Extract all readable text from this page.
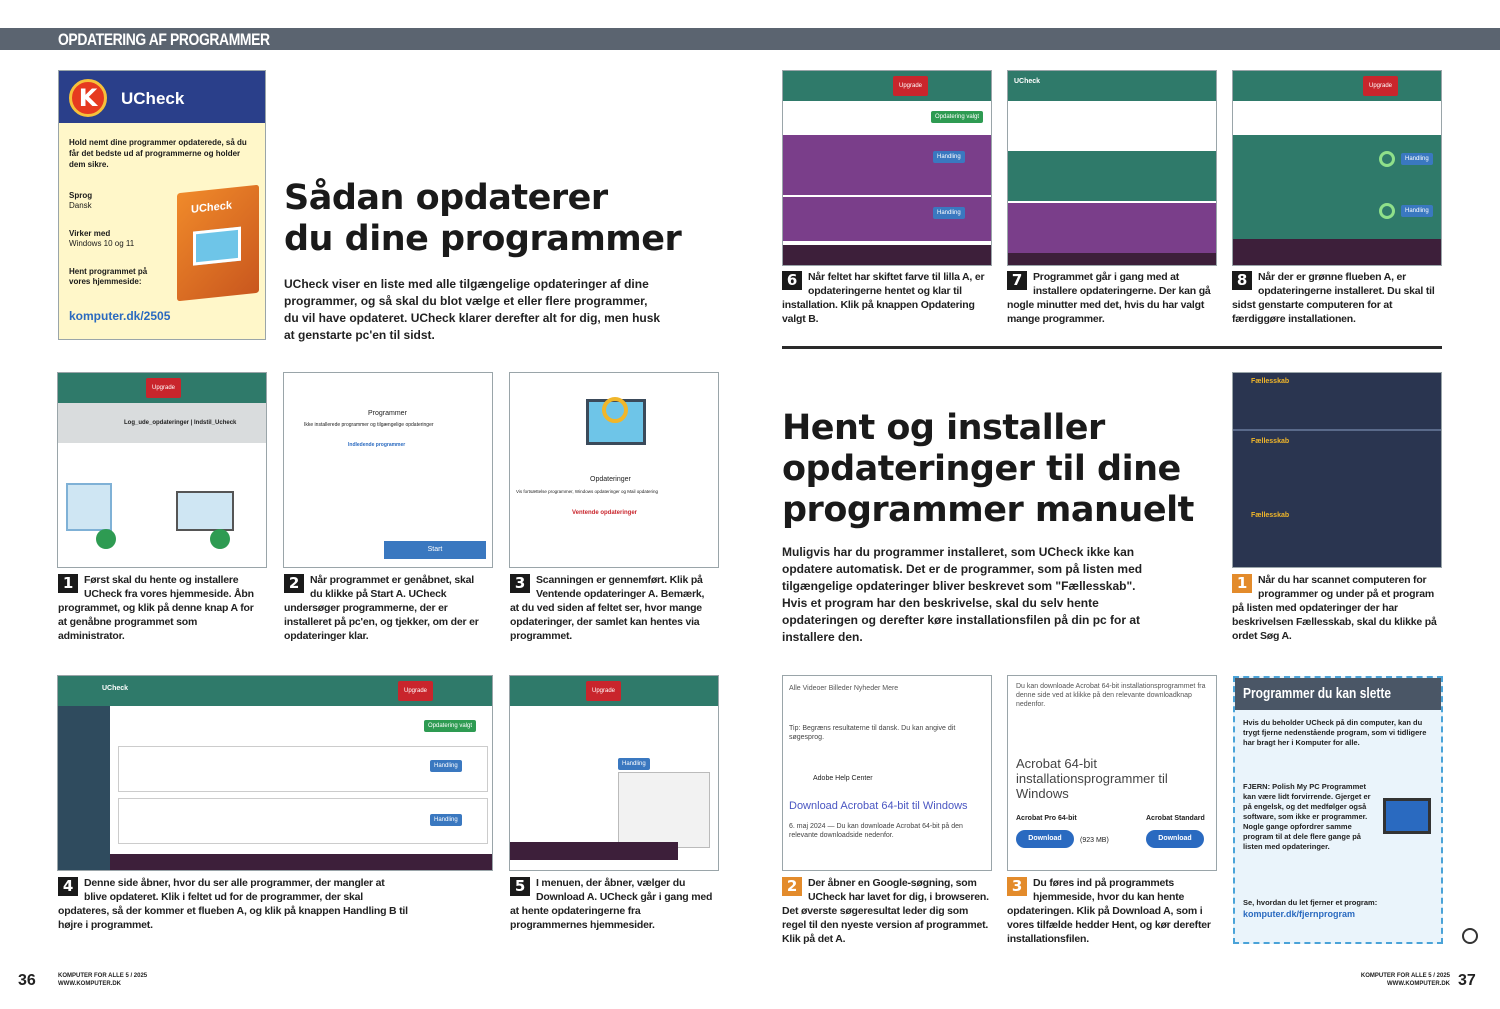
OPDATERING AF PROGRAMMER
K	UCheck
Hold nemt dine programmer opdaterede, så du får det bedste ud af programmerne og holder dem sikre.
Sprog
Dansk
Virker med
Windows 10 og 11
Hent programmet på vores hjemmeside:
komputer.dk/2505
UCheck Sådan opdaterer
du dine programmer
UCheck viser en liste med alle tilgængelige opdateringer af dine programmer, og så skal du blot vælge et eller flere programmer, du vil have opdateret. UCheck klarer derefter alt for dig, men husk at genstarte pc'en til sidst.
Upgrade
Log_ude_opdateringer | Indstil_Ucheck
1	Først skal du hente og installere UCheck fra vores hjemmeside. Åbn programmet, og klik på denne knap A for at genåbne programmet som administrator.
Programmer
Ikke installerede programmer og tilgængelige opdateringer
Indledende programmer
Start
2	Når programmet er genåbnet, skal du klikke på Start A. UCheck undersøger programmerne, der er installeret på pc'en, og tjekker, om der er opdateringer klar.
Opdateringer
Vis fortsættelse programmer, Windows opdateringer og Mail opdatering
Ventende opdateringer
3	Scanningen er gennemført. Klik på Ventende opdateringer A. Bemærk, at du ved siden af feltet ser, hvor mange opdateringer, der samlet kan hentes via programmet.
UCheck	Upgrade
Opdatering valgt
Handling
Handling
4	Denne side åbner, hvor du ser alle programmer, der mangler at blive opdateret. Klik i feltet ud for de programmer, der skal opdateres, så der kommer et flueben A, og klik på knappen Handling B til højre i programmet.
Upgrade
Handling
5	I menuen, der åbner, vælger du Download A. UCheck går i gang med at hente opdateringerne fra programmernes hjemmesider.
Upgrade
Opdatering valgt
Handling
Handling
6	Når feltet har skiftet farve til lilla A, er opdateringerne hentet og klar til installation. Klik på knappen Opdatering valgt B.
UCheck
7	Programmet går i gang med at installere opdateringerne. Der kan gå nogle minutter med det, hvis du har valgt mange programmer.
Upgrade
Handling
Handling
8	Når der er grønne flueben A, er opdateringerne installeret. Du skal til sidst genstarte computeren for at færdiggøre installationen.
Hent og installer
opdateringer til dine
programmer manuelt
Muligvis har du programmer installeret, som UCheck ikke kan opdatere automatisk. Det er de programmer, som på listen med tilgængelige opdateringer bliver beskrevet som "Fællesskab". Hvis et program har den beskrivelse, skal du selv hente opdateringen og derefter køre installationsfilen på din pc for at installere den.
Fællesskab
Fællesskab
Fællesskab
1	Når du har scannet computeren for programmer og under på et program på listen med opdateringer der har beskrivelsen Fællesskab, skal du klikke på ordet Søg A.
Alle Videoer Billeder Nyheder Mere
Tip: Begræns resultaterne til dansk. Du kan angive dit søgesprog.
Adobe Help Center
Download Acrobat 64-bit til Windows
6. maj 2024 — Du kan downloade Acrobat 64-bit på den relevante downloadside nedenfor.
2	Der åbner en Google-søgning, som UCheck har lavet for dig, i browseren. Det øverste søgeresultat leder dig som regel til den nyeste version af programmet. Klik på det A.
Du kan downloade Acrobat 64-bit installationsprogrammet fra denne side ved at klikke på den relevante downloadknap nedenfor.
Acrobat 64-bit installationsprogrammer til Windows
Acrobat Pro 64-bit	Acrobat Standard
Download	(923 MB)	Download
3	Du føres ind på programmets hjemmeside, hvor du kan hente opdateringen. Klik på Download A, som i vores tilfælde hedder Hent, og kør derefter installationsfilen.
Programmer du kan slette
Hvis du beholder UCheck på din computer, kan du trygt fjerne nedenstående program, som vi tidligere har bragt her i Komputer for alle.
FJERN: Polish My PC Programmet kan være lidt forvirrende. Gjerget er på engelsk, og det medfølger også software, som ikke er programmer. Nogle gange opfordrer samme program til at dele flere gange på listen med opdateringer.
Se, hvordan du let fjerner et program:
komputer.dk/fjernprogram
36	KOMPUTER FOR ALLE 5 / 2025 WWW.KOMPUTER.DK
KOMPUTER FOR ALLE 5 / 2025 WWW.KOMPUTER.DK 37
